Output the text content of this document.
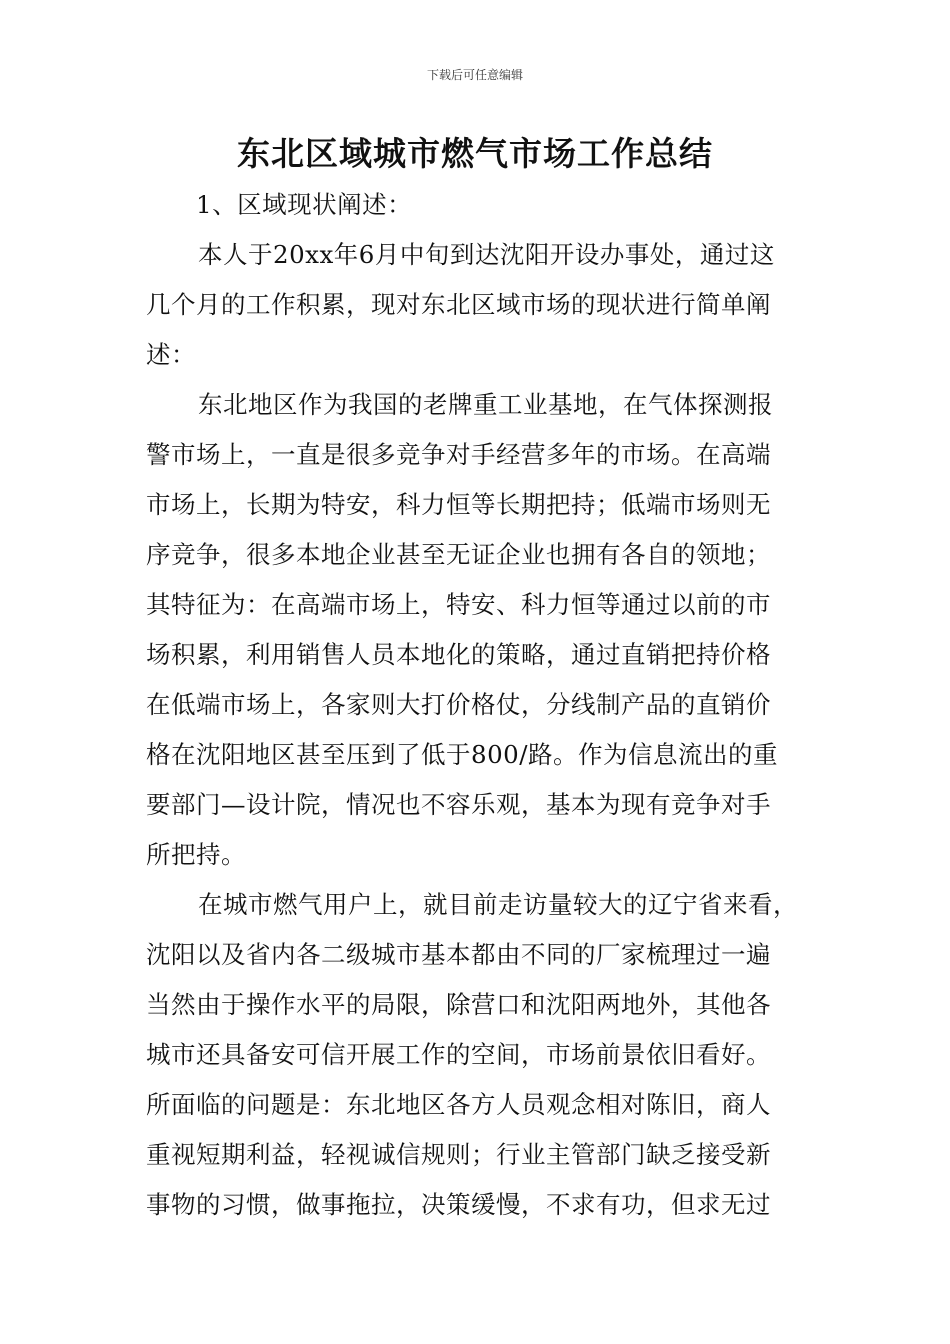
下载后可任意编辑
东北区域城市燃气市场工作总结
1、区域现状阐述：
本人于20xx年6月中旬到达沈阳开设办事处，通过这
几个月的工作积累，现对东北区域市场的现状进行简单阐
述：
东北地区作为我国的老牌重工业基地，在气体探测报
警市场上，一直是很多竞争对手经营多年的市场。在高端
市场上，长期为特安，科力恒等长期把持；低端市场则无
序竞争，很多本地企业甚至无证企业也拥有各自的领地；
其特征为：在高端市场上，特安、科力恒等通过以前的市
场积累，利用销售人员本地化的策略，通过直销把持价格
在低端市场上，各家则大打价格仗，分线制产品的直销价
格在沈阳地区甚至压到了低于800/路。作为信息流出的重
要部门—设计院，情况也不容乐观，基本为现有竞争对手
所把持。
在城市燃气用户上，就目前走访量较大的辽宁省来看，
沈阳以及省内各二级城市基本都由不同的厂家梳理过一遍
当然由于操作水平的局限，除营口和沈阳两地外，其他各
城市还具备安可信开展工作的空间，市场前景依旧看好。
所面临的问题是：东北地区各方人员观念相对陈旧，商人
重视短期利益，轻视诚信规则；行业主管部门缺乏接受新
事物的习惯，做事拖拉，决策缓慢，不求有功，但求无过
